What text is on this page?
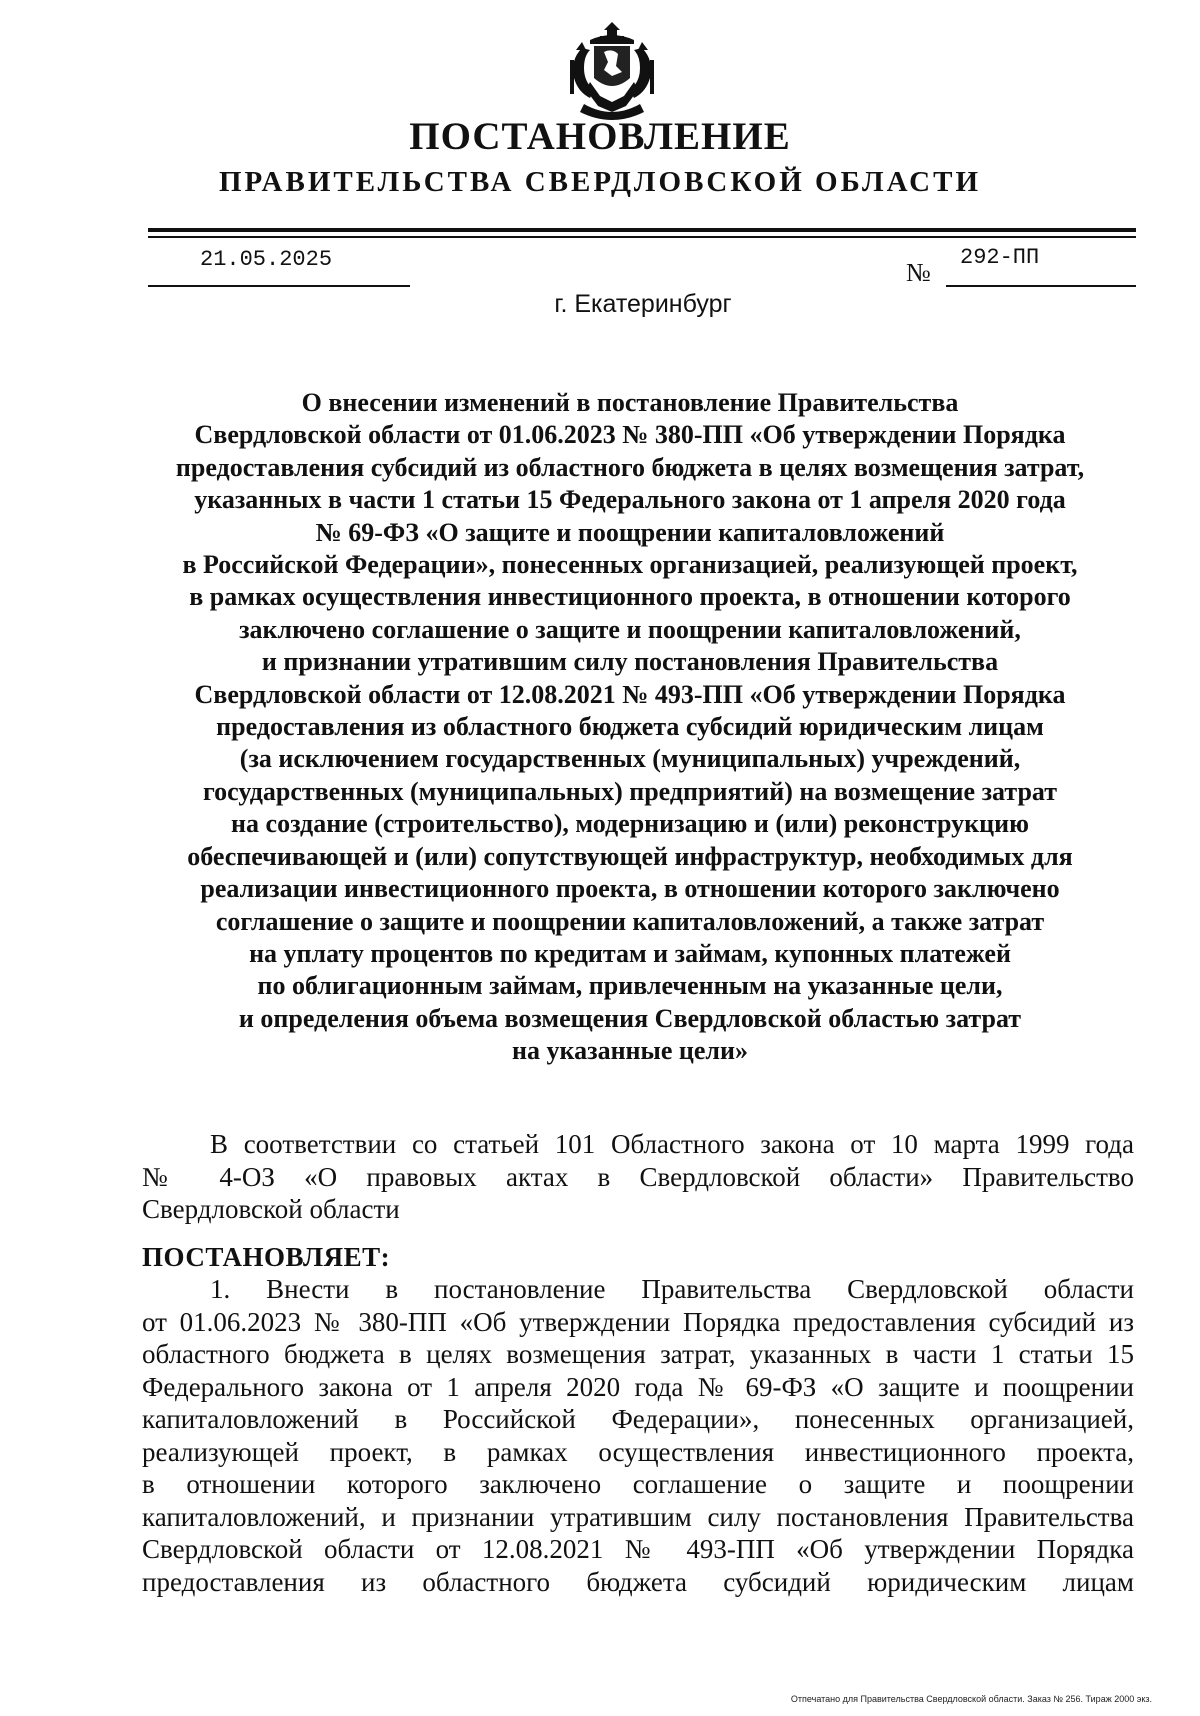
ПОСТАНОВЛЕНИЕ
ПРАВИТЕЛЬСТВА СВЕРДЛОВСКОЙ ОБЛАСТИ
21.05.2025	№
292-ПП
г. Екатеринбург
О внесении изменений в постановление Правительства
Свердловской области от 01.06.2023 № 380-ПП «Об утверждении Порядка
предоставления субсидий из областного бюджета в целях возмещения затрат,
указанных в части 1 статьи 15 Федерального закона от 1 апреля 2020 года
№ 69-ФЗ «О защите и поощрении капиталовложений
в Российской Федерации», понесенных организацией, реализующей проект,
в рамках осуществления инвестиционного проекта, в отношении которого
заключено соглашение о защите и поощрении капиталовложений,
и признании утратившим силу постановления Правительства
Свердловской области от 12.08.2021 № 493-ПП «Об утверждении Порядка
предоставления из областного бюджета субсидий юридическим лицам
(за исключением государственных (муниципальных) учреждений,
государственных (муниципальных) предприятий) на возмещение затрат
на создание (строительство), модернизацию и (или) реконструкцию
обеспечивающей и (или) сопутствующей инфраструктур, необходимых для
реализации инвестиционного проекта, в отношении которого заключено
соглашение о защите и поощрении капиталовложений, а также затрат
на уплату процентов по кредитам и займам, купонных платежей
по облигационным займам, привлеченным на указанные цели,
и определения объема возмещения Свердловской областью затрат
на указанные цели»
В соответствии со статьей 101 Областного закона от 10 марта 1999 года
№ 4-ОЗ «О правовых актах в Свердловской области» Правительство
Свердловской области
ПОСТАНОВЛЯЕТ:
1. Внести в постановление Правительства Свердловской области
от 01.06.2023 № 380-ПП «Об утверждении Порядка предоставления субсидий из
областного бюджета в целях возмещения затрат, указанных в части 1 статьи 15
Федерального закона от 1 апреля 2020 года № 69-ФЗ «О защите и поощрении
капиталовложений в Российской Федерации», понесенных организацией,
реализующей проект, в рамках осуществления инвестиционного проекта,
в отношении которого заключено соглашение о защите и поощрении
капиталовложений, и признании утратившим силу постановления Правительства
Свердловской области от 12.08.2021 № 493-ПП «Об утверждении Порядка
предоставления из областного бюджета субсидий юридическим лицам
Отпечатано для Правительства Свердловской области. Заказ № 256. Тираж 2000 экз.
